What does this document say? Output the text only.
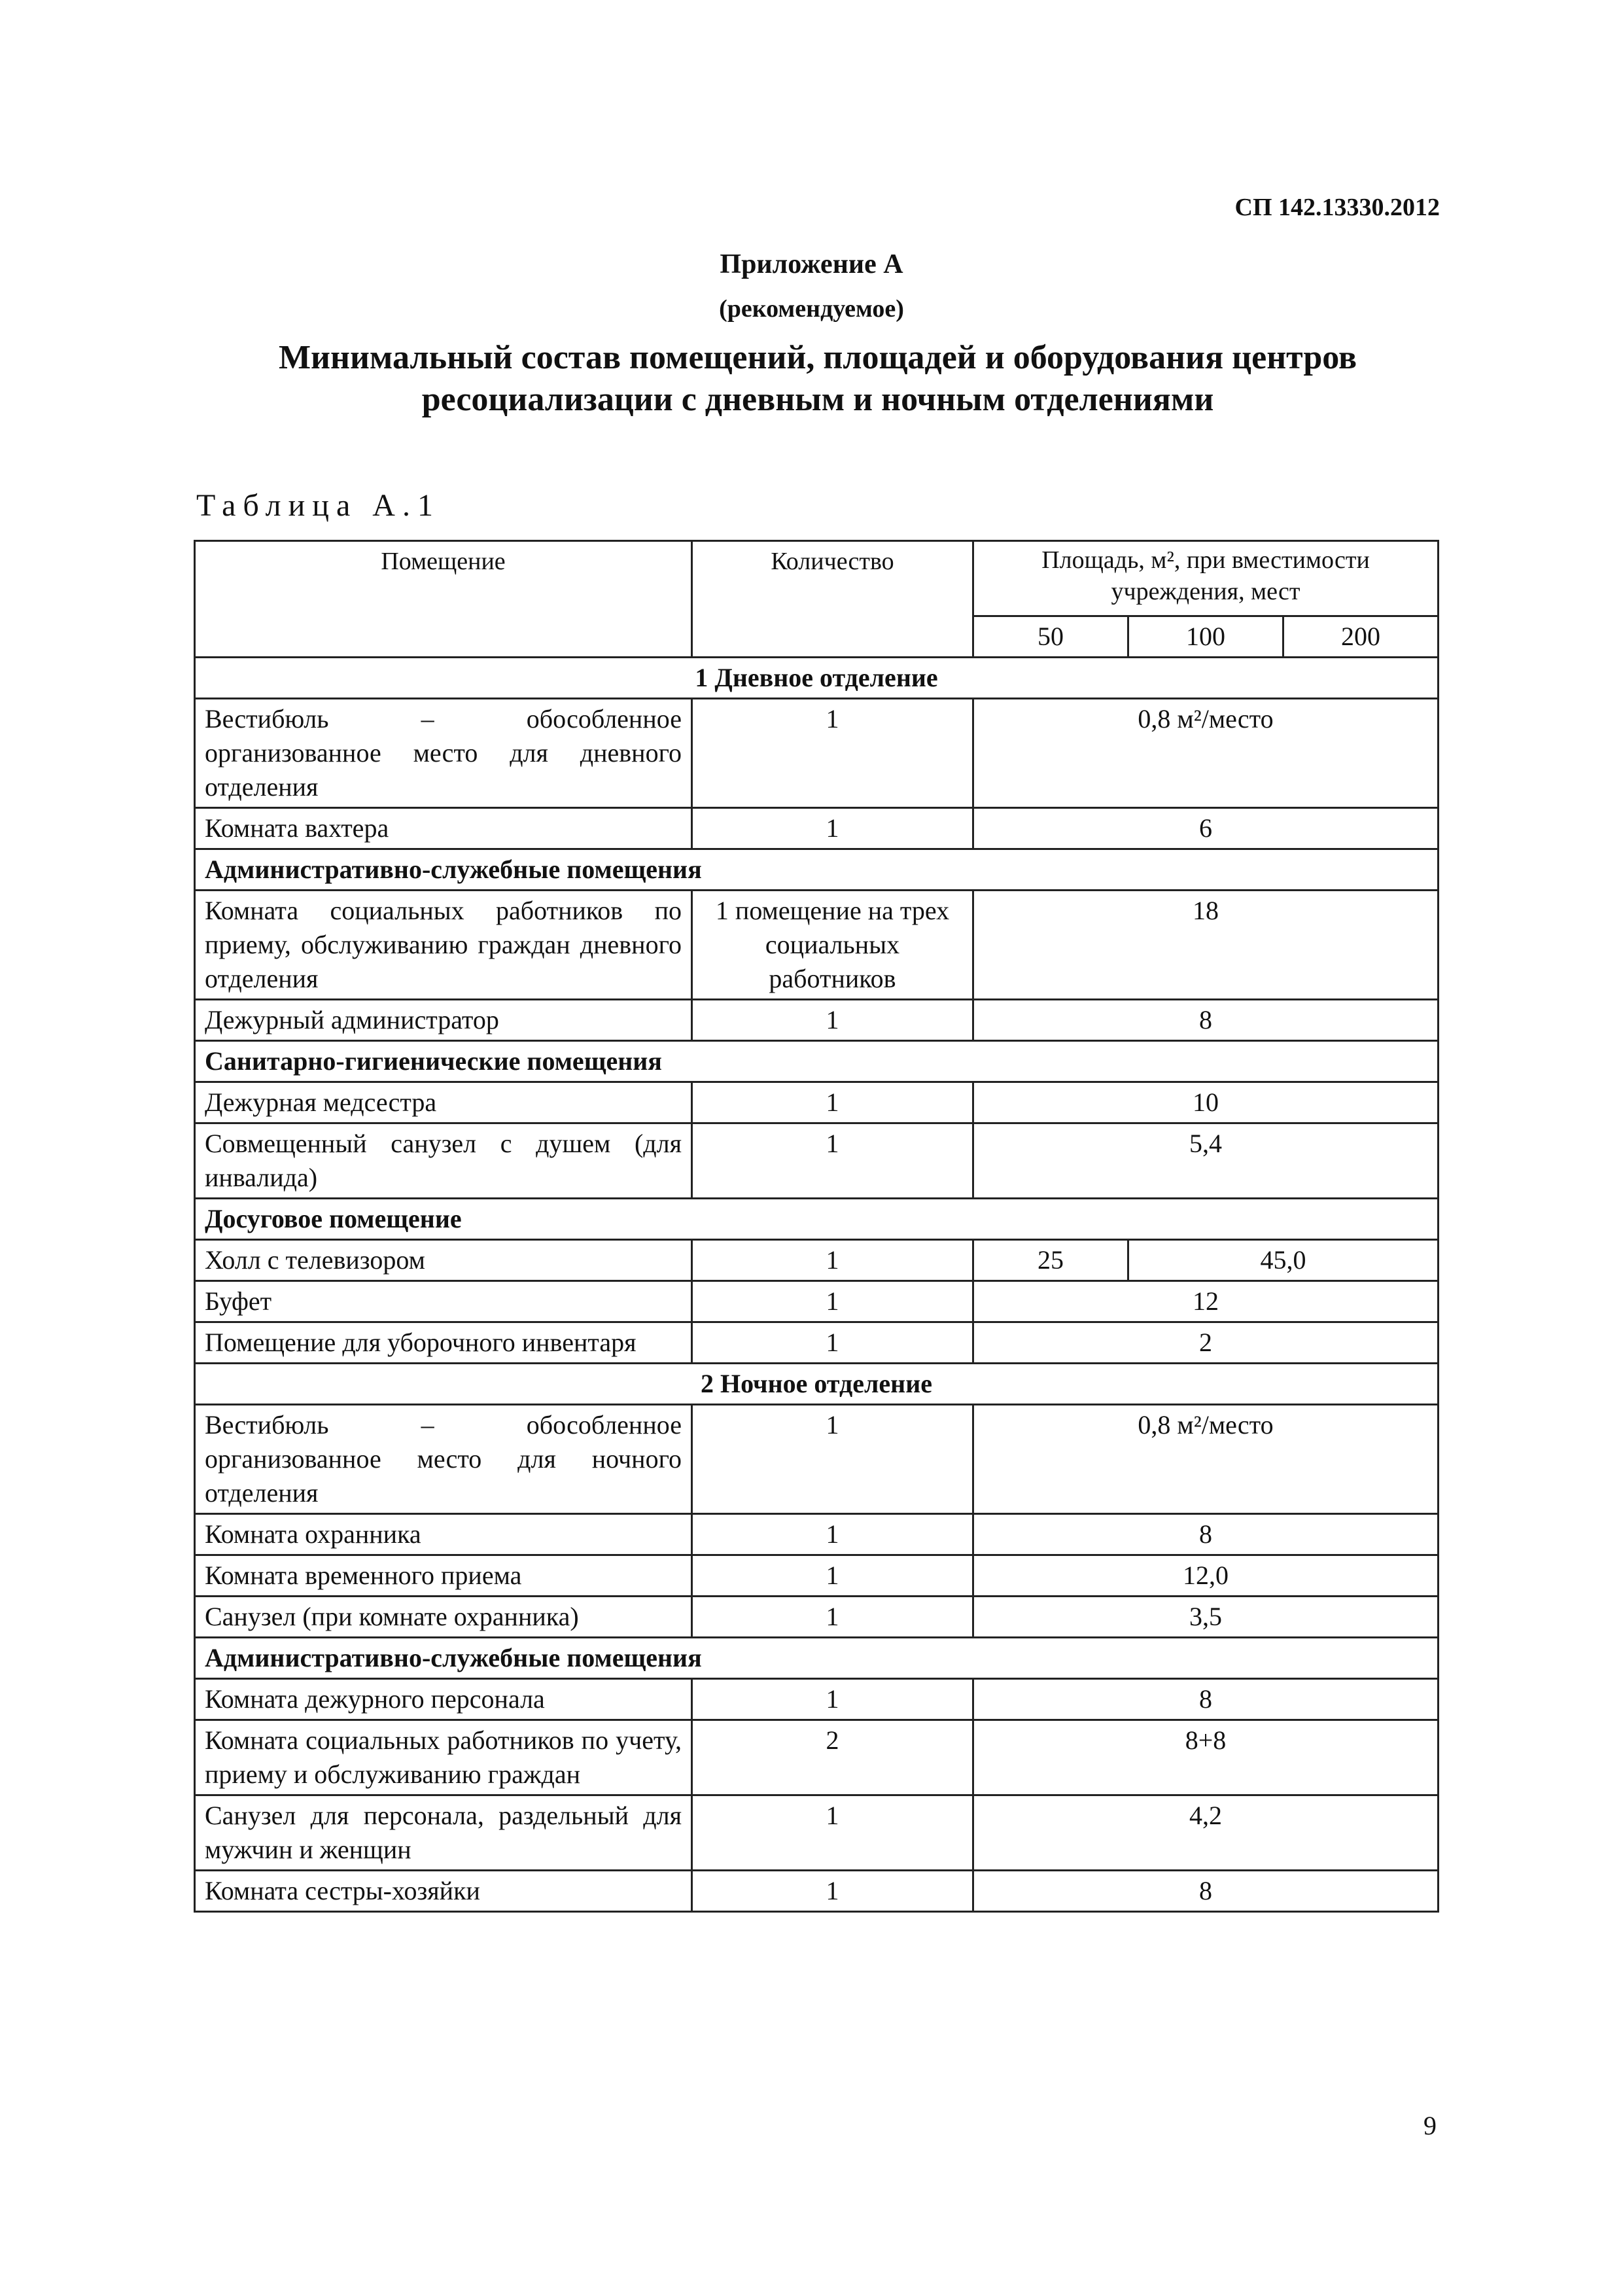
СП 142.13330.2012
Приложение А
(рекомендуемое)
Минимальный состав помещений, площадей и оборудования центров ресоциализации с дневным и ночным отделениями
Таблица А.1
Помещение	Количество	Площадь, м², при вместимости учреждения, мест		
		50	100	200
1 Дневное отделение				
Вестибюль – обособленное организованное место для дневного отделения	1	0,8 м²/место		
Комната вахтера	1	6		
Административно-служебные помещения				
Комната социальных работников по приему, обслуживанию граждан дневного отделения	1 помещение на трех социальных работников	18		
Дежурный администратор	1	8		
Санитарно-гигиенические помещения				
Дежурная медсестра	1	10		
Совмещенный санузел с душем (для инвалида)	1	5,4		
Досуговое помещение				
Холл с телевизором	1	25	45,0	
Буфет	1	12		
Помещение для уборочного инвентаря	1	2		
2 Ночное отделение				
Вестибюль – обособленное организованное место для ночного отделения	1	0,8 м²/место		
Комната охранника	1	8		
Комната временного приема	1	12,0		
Санузел (при комнате охранника)	1	3,5		
Административно-служебные помещения				
Комната дежурного персонала	1	8		
Комната социальных работников по учету, приему и обслуживанию граждан	2	8+8		
Санузел для персонала, раздельный для мужчин и женщин	1	4,2		
Комната сестры-хозяйки	1	8		
9
